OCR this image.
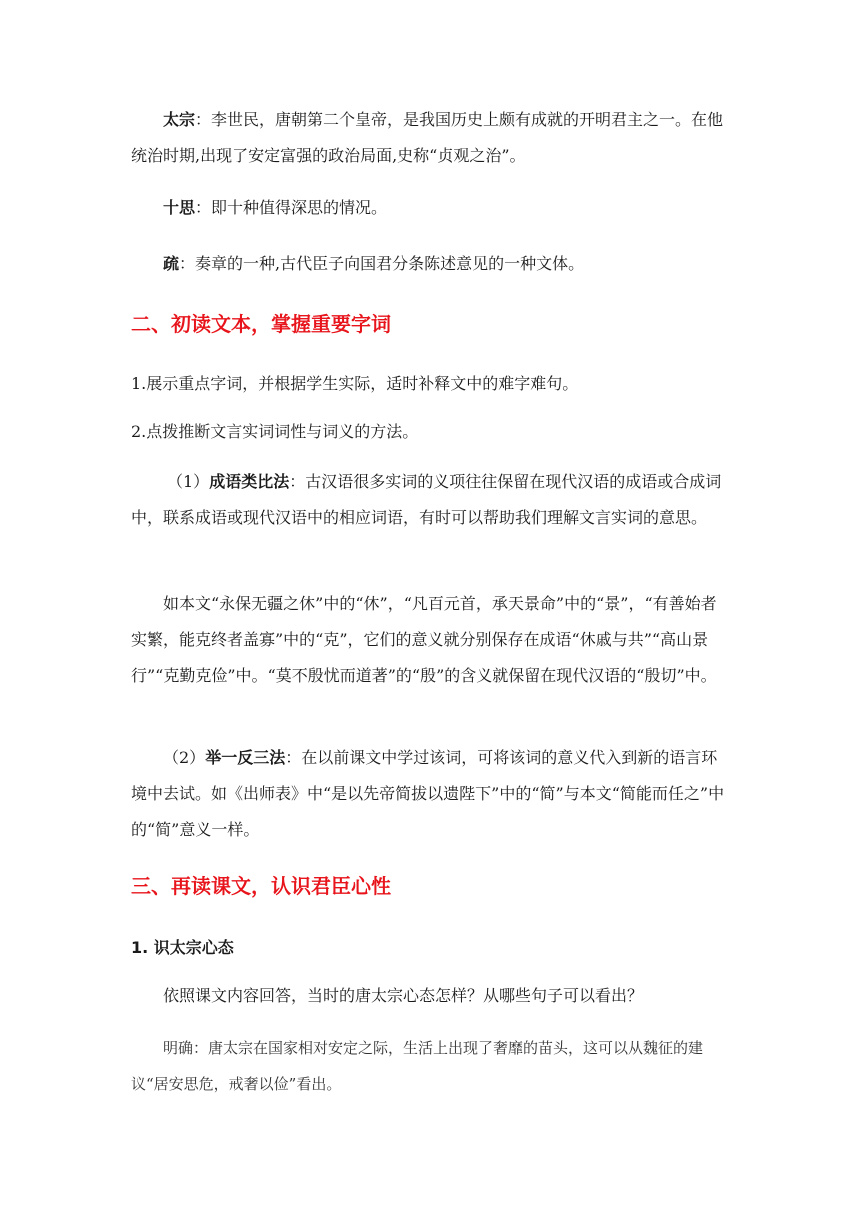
太宗：李世民，唐朝第二个皇帝，是我国历史上颇有成就的开明君主之一。在他统治时期,出现了安定富强的政治局面,史称“贞观之治”。

十思：即十种值得深思的情况。

疏：奏章的一种,古代臣子向国君分条陈述意见的一种文体。

二、初读文本，掌握重要字词

1.展示重点字词，并根据学生实际，适时补释文中的难字难句。

2.点拨推断文言实词词性与词义的方法。

（1）成语类比法：古汉语很多实词的义项往往保留在现代汉语的成语或合成词中，联系成语或现代汉语中的相应词语，有时可以帮助我们理解文言实词的意思。

如本文“永保无疆之休”中的“休”，“凡百元首，承天景命”中的“景”，“有善始者实繁，能克终者盖寡”中的“克”，它们的意义就分别保存在成语“休戚与共”“高山景行”“克勤克俭”中。“莫不殷忧而道著”的“殷”的含义就保留在现代汉语的“殷切”中。

（2）举一反三法：在以前课文中学过该词，可将该词的意义代入到新的语言环境中去试。如《出师表》中“是以先帝简拔以遗陛下”中的“简”与本文“简能而任之”中的“简”意义一样。

三、再读课文，认识君臣心性
1. 识太宗心态

依照课文内容回答，当时的唐太宗心态怎样？从哪些句子可以看出？

明确：唐太宗在国家相对安定之际，生活上出现了奢靡的苗头，这可以从魏征的建议“居安思危，戒奢以俭”看出。
